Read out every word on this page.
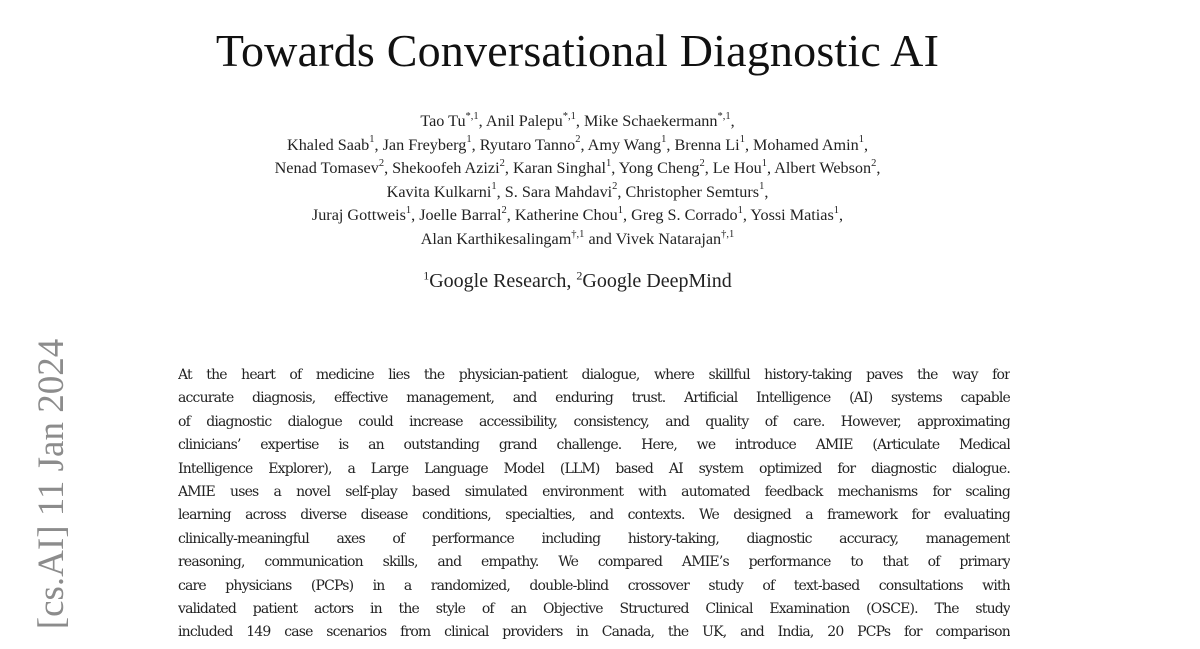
Towards Conversational Diagnostic AI
Tao $Tu^{*,1}$, Anil Palepu$^{*,1}$, Mike Schaekermann$^{*,1}$,
Khaled Saab$^1$, Jan Freyberg$^1$, Ryutaro Tanno$^2$, Amy Wang$^1$, Brenna Li$^1$, Mohamed Amin$^1$,
Nenad Tomasev$^2$, Shekoofeh Azizi$^2$, Karan Singhal$^1$, Yong Cheng$^2$, Le Hou$^1$, Albert Webson$^2$,
Kavita Kulkarni$^1$, S. Sara Mahdavi$^2$, Christopher Semturs$^1$,
Juraj Gottweis$^1$, Joelle Barral$^2$, Katherine Chou$^1$, Greg S. Corrado$^1$, Yossi Matias$^1$,
Alan Karthikesalingam$^{\dagger,1}$ and Vivek Natarajan$^{\dagger,1}$
$^1$Google Research, $^2$Google DeepMind
[cs.AI] 11 Jan 2024	At the heart of medicine lies the physician-patient dialogue, where skillful history-taking paves the way for
accurate diagnosis, effective management, and enduring trust. Artificial Intelligence (AI) systems capable
of diagnostic dialogue could increase accessibility, consistency, and quality of care. However, approximating
clinicians’ expertise is an outstanding grand challenge. Here, we introduce AMIE (Articulate Medical
Intelligence Explorer), a Large Language Model (LLM) based AI system optimized for diagnostic dialogue.
AMIE uses a novel self-play based simulated environment with automated feedback mechanisms for scaling
learning across diverse disease conditions, specialties, and contexts. We designed a framework for evaluating
clinically-meaningful axes of performance including history-taking, diagnostic accuracy, management
reasoning, communication skills, and empathy. We compared AMIE’s performance to that of primary
care physicians (PCPs) in a randomized, double-blind crossover study of text-based consultations with
validated patient actors in the style of an Objective Structured Clinical Examination (OSCE). The study
included 149 case scenarios from clinical providers in Canada, the UK, and India, 20 PCPs for comparison
